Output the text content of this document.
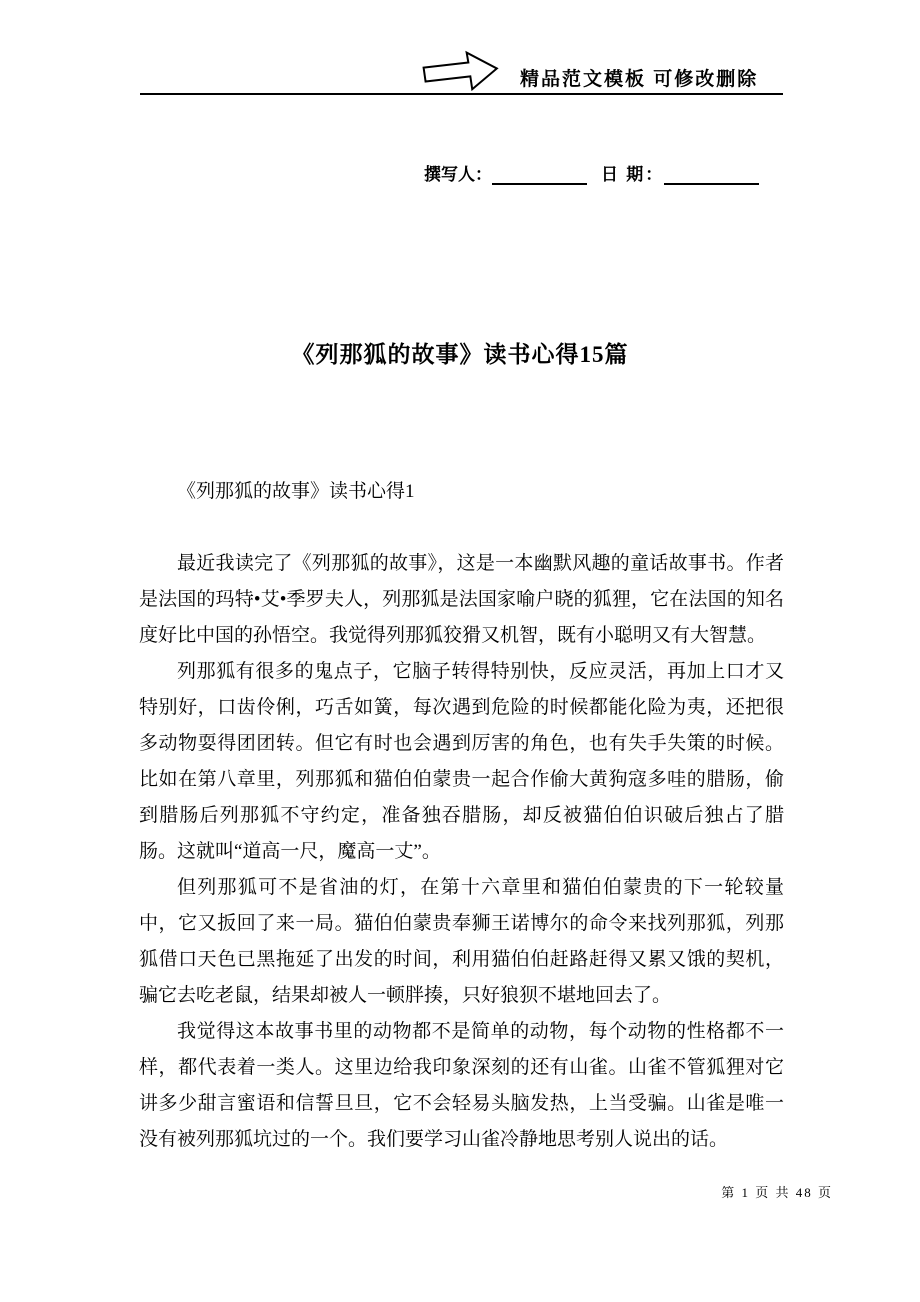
精品范文模板 可修改删除
撰写人：	日 期：
《列那狐的故事》读书心得15篇

《列那狐的故事》读书心得1

最近我读完了《列那狐的故事》，这是一本幽默风趣的童话故事书。作者是法国的玛特•艾•季罗夫人，列那狐是法国家喻户晓的狐狸，它在法国的知名度好比中国的孙悟空。我觉得列那狐狡猾又机智，既有小聪明又有大智慧。

列那狐有很多的鬼点子，它脑子转得特别快，反应灵活，再加上口才又特别好，口齿伶俐，巧舌如簧，每次遇到危险的时候都能化险为夷，还把很多动物耍得团团转。但它有时也会遇到厉害的角色，也有失手失策的时候。比如在第八章里，列那狐和猫伯伯蒙贵一起合作偷大黄狗寇多哇的腊肠，偷到腊肠后列那狐不守约定，准备独吞腊肠，却反被猫伯伯识破后独占了腊肠。这就叫“道高一尺，魔高一丈”。

但列那狐可不是省油的灯，在第十六章里和猫伯伯蒙贵的下一轮较量中，它又扳回了来一局。猫伯伯蒙贵奉狮王诺博尔的命令来找列那狐，列那狐借口天色已黑拖延了出发的时间，利用猫伯伯赶路赶得又累又饿的契机，骗它去吃老鼠，结果却被人一顿胖揍，只好狼狈不堪地回去了。

我觉得这本故事书里的动物都不是简单的动物，每个动物的性格都不一样，都代表着一类人。这里边给我印象深刻的还有山雀。山雀不管狐狸对它讲多少甜言蜜语和信誓旦旦，它不会轻易头脑发热，上当受骗。山雀是唯一没有被列那狐坑过的一个。我们要学习山雀冷静地思考别人说出的话。

第 1 页 共 48 页
